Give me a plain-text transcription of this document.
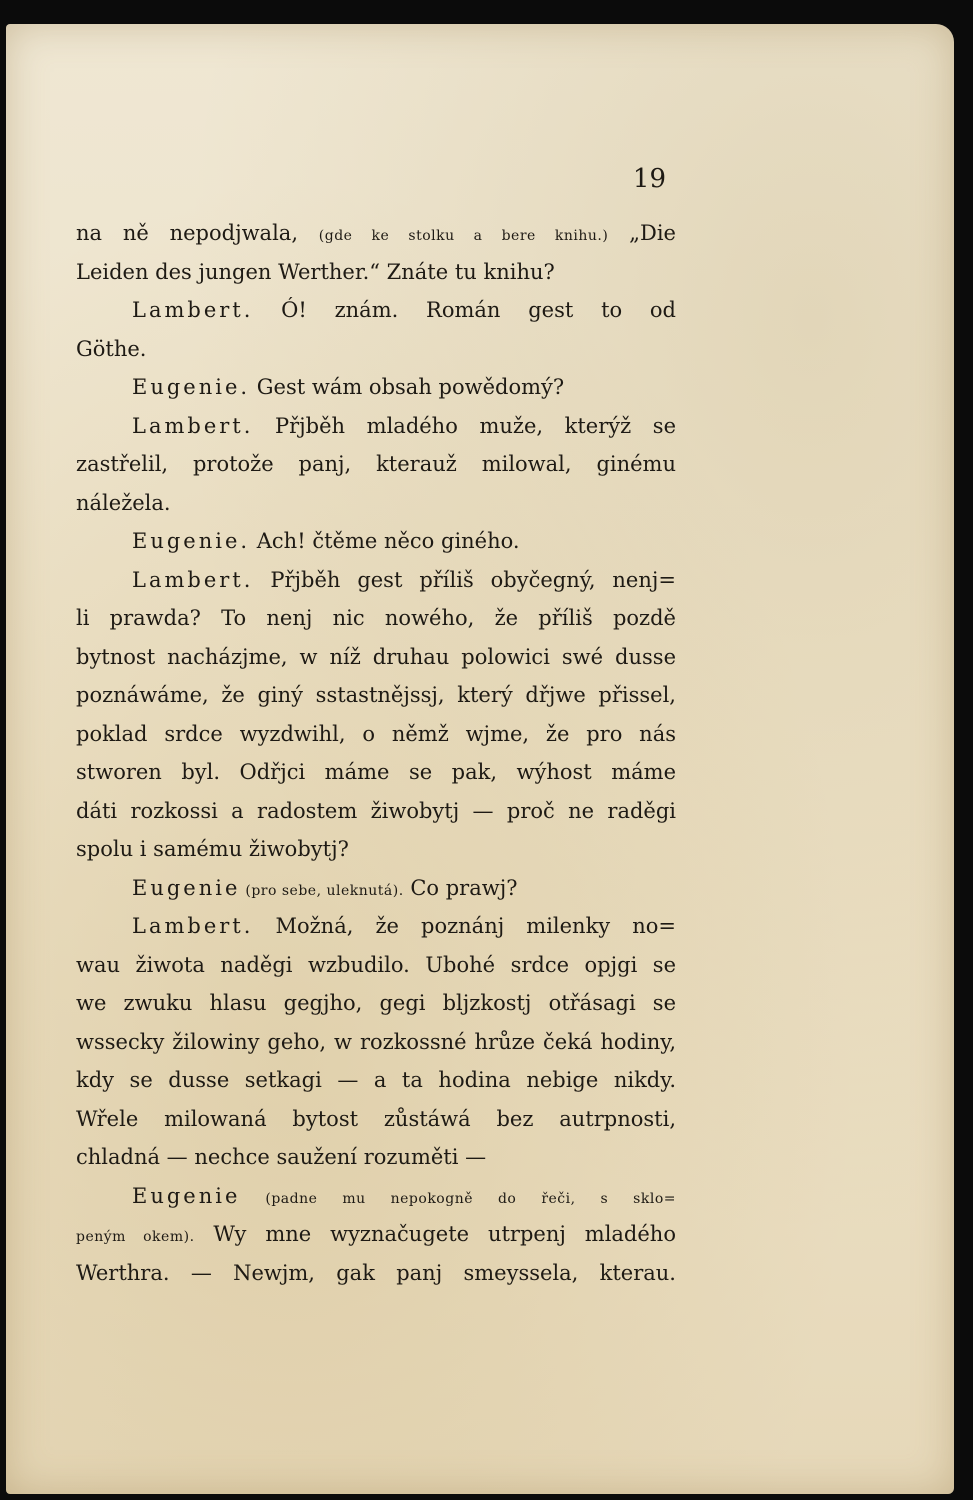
19
na ně nepodjwala, (gde ke stolku a bere knihu.) „Die
Leiden des jungen Werther.“ Znáte tu knihu?
Lambert. Ó! znám. Román gest to od
Göthe.
Eugenie. Gest wám obsah powědomý?
Lambert. Přjběh mladého muže, kterýž se
zastřelil, protože panj, kterauž milowal, ginému
náležela.
Eugenie. Ach! čtěme něco giného.
Lambert. Přjběh gest příliš obyčegný, nenj=
li prawda? To nenj nic nowého, že příliš pozdě
bytnost nacházjme, w níž druhau polowici swé dusse
poznáwáme, že giný sstastnějssj, který dřjwe přissel,
poklad srdce wyzdwihl, o němž wjme, že pro nás
stworen byl. Odřjci máme se pak, wýhost máme
dáti rozkossi a radostem žiwobytj — proč ne raděgi
spolu i samému žiwobytj?
Eugenie (pro sebe, uleknutá). Co prawj?
Lambert. Možná, že poznánj milenky no=
wau žiwota naděgi wzbudilo. Ubohé srdce opjgi se
we zwuku hlasu gegjho, gegi bljzkostj otřásagi se
wssecky žilowiny geho, w rozkossné hrůze čeká hodiny,
kdy se dusse setkagi — a ta hodina nebige nikdy.
Wřele milowaná bytost zůstáwá bez autrpnosti,
chladná — nechce saužení rozuměti —
Eugenie (padne mu nepokogně do řeči, s sklo=
peným okem). Wy mne wyznačugete utrpenj mladého
Werthra. — Newjm, gak panj smeyssela, kterau.
